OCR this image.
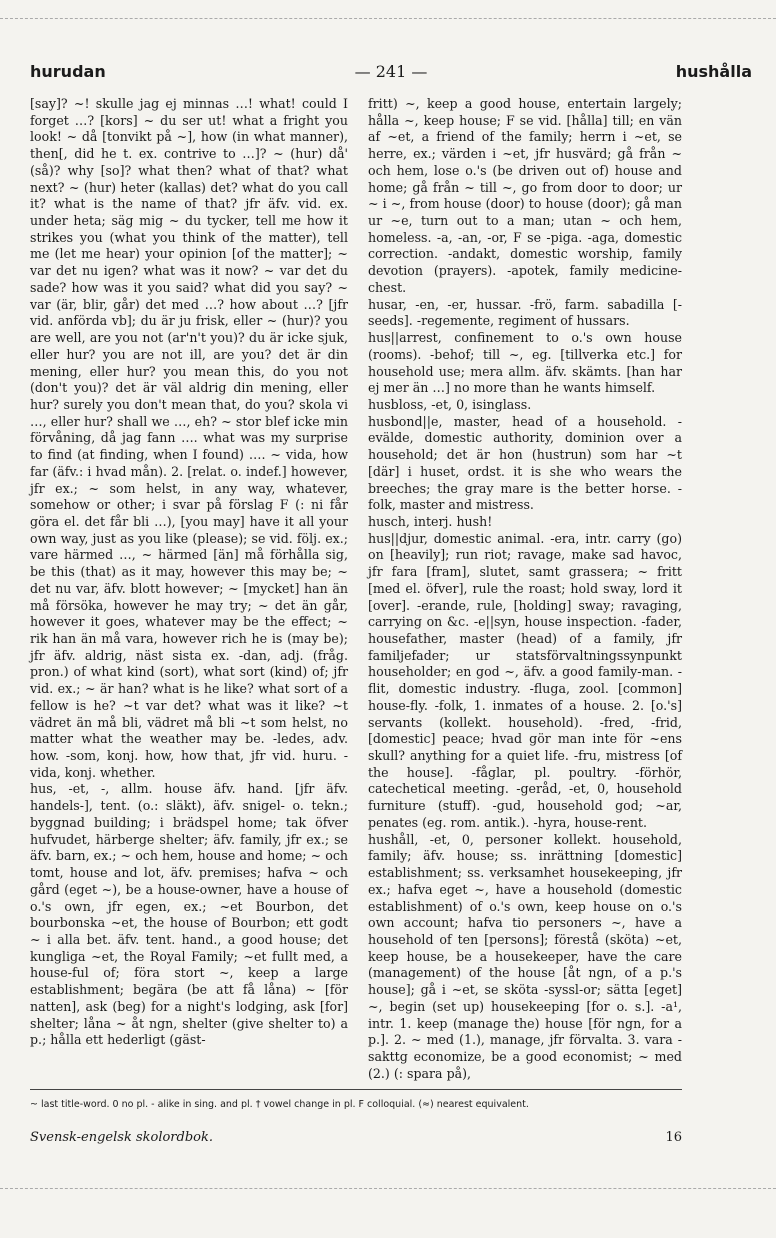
— 241 —
hurudan	hushålla

[say]? ~! skulle jag ej minnas …! what! could I forget …? [kors] ~ du ser ut! what a fright you look! ~ då [tonvikt på ~], how (in what manner), then[, did he t. ex. contrive to …]? ~ (hur) då' (så)? why [so]? what then? what of that? what next? ~ (hur) heter (kallas) det? what do you call it? what is the name of that? jfr äfv. vid. ex. under heta; säg mig ~ du tycker, tell me how it strikes you (what you think of the matter), tell me (let me hear) your opinion [of the matter]; ~ var det nu igen? what was it now? ~ var det du sade? how was it you said? what did you say? ~ var (är, blir, går) det med …? how about …? [jfr vid. anförda vb]; du är ju frisk, eller ~ (hur)? you are well, are you not (ar'n't you)? du är icke sjuk, eller hur? you are not ill, are you? det är din mening, eller hur? you mean this, do you not (don't you)? det är väl aldrig din mening, eller hur? surely you don't mean that, do you? skola vi …, eller hur? shall we …, eh? ~ stor blef icke min förvåning, då jag fann …. what was my surprise to find (at finding, when I found) …. ~ vida, how far (äfv.: i hvad mån). 2. [relat. o. indef.] however, jfr ex.; ~ som helst, in any way, whatever, somehow or other; i svar på förslag F (: ni får göra el. det får bli …), [you may] have it all your own way, just as you like (please); se vid. följ. ex.; vare härmed …, ~ härmed [än] må förhålla sig, be this (that) as it may, however this may be; ~ det nu var, äfv. blott however; ~ [mycket] han än må försöka, however he may try; ~ det än går, however it goes, whatever may be the effect; ~ rik han än må vara, however rich he is (may be); jfr äfv. aldrig, näst sista ex. -dan, adj. (fråg. pron.) of what kind (sort), what sort (kind) of; jfr vid. ex.; ~ är han? what is he like? what sort of a fellow is he? ~t var det? what was it like? ~t vädret än må bli, vädret må bli ~t som helst, no matter what the weather may be. -ledes, adv. how. -som, konj. how, how that, jfr vid. huru. -vida, konj. whether.

hus, -et, -, allm. house äfv. hand. [jfr äfv. handels-], tent. (o.: släkt), äfv. snigel- o. tekn.; byggnad building; i brädspel home; tak öfver hufvudet, härberge shelter; äfv. family, jfr ex.; se äfv. barn, ex.; ~ och hem, house and home; ~ och tomt, house and lot, äfv. premises; hafva ~ och gård (eget ~), be a house-owner, have a house of o.'s own, jfr egen, ex.; ~et Bourbon, det bourbonska ~et, the house of Bourbon; ett godt ~ i alla bet. äfv. tent. hand., a good house; det kungliga ~et, the Royal Family; ~et fullt med, a house-ful of; föra stort ~, keep a large establishment; begära (be att få låna) ~ [för natten], ask (beg) for a night's lodging, ask [for] shelter; låna ~ åt ngn, shelter (give shelter to) a p.; hålla ett hederligt (gäst-

fritt) ~, keep a good house, entertain largely; hålla ~, keep house; F se vid. [hålla] till; en vän af ~et, a friend of the family; herrn i ~et, se herre, ex.; värden i ~et, jfr husvärd; gå från ~ och hem, lose o.'s (be driven out of) house and home; gå från ~ till ~, go from door to door; ur ~ i ~, from house (door) to house (door); gå man ur ~e, turn out to a man; utan ~ och hem, homeless. -a, -an, -or, F se -piga. -aga, domestic correction. -andakt, domestic worship, family devotion (prayers). -apotek, family medicine-chest.

husar, -en, -er, hussar. -frö, farm. sabadilla [-seeds]. -regemente, regiment of hussars.

hus||arrest, confinement to o.'s own house (rooms). -behof; till ~, eg. [tillverka etc.] for household use; mera allm. äfv. skämts. [han har ej mer än …] no more than he wants himself.

husbloss, -et, 0, isinglass.

husbond||e, master, head of a household. -evälde, domestic authority, dominion over a household; det är hon (hustrun) som har ~t [där] i huset, ordst. it is she who wears the breeches; the gray mare is the better horse. -folk, master and mistress.

husch, interj. hush!

hus||djur, domestic animal. -era, intr. carry (go) on [heavily]; run riot; ravage, make sad havoc, jfr fara [fram], slutet, samt grassera; ~ fritt [med el. öfver], rule the roast; hold sway, lord it [over]. -erande, rule, [holding] sway; ravaging, carrying on &c. -e||syn, house inspection. -fader, housefather, master (head) of a family, jfr familjefader; ur statsförvaltningssynpunkt householder; en god ~, äfv. a good family-man. -flit, domestic industry. -fluga, zool. [common] house-fly. -folk, 1. inmates of a house. 2. [o.'s] servants (kollekt. household). -fred, -frid, [domestic] peace; hvad gör man inte för ~ens skull? anything for a quiet life. -fru, mistress [of the house]. -fåglar, pl. poultry. -förhör, catechetical meeting. -geråd, -et, 0, household furniture (stuff). -gud, household god; ~ar, penates (eg. rom. antik.). -hyra, house-rent.

hushåll, -et, 0, personer kollekt. household, family; äfv. house; ss. inrättning [domestic] establishment; ss. verksamhet housekeeping, jfr ex.; hafva eget ~, have a household (domestic establishment) of o.'s own, keep house on o.'s own account; hafva tio personers ~, have a household of ten [persons]; förestå (sköta) ~et, keep house, be a housekeeper, have the care (management) of the house [åt ngn, of a p.'s house]; gå i ~et, se sköta -syssl-or; sätta [eget] ~, begin (set up) housekeeping [for o. s.]. -a¹, intr. 1. keep (manage the) house [för ngn, for a p.]. 2. ~ med (1.), manage, jfr förvalta. 3. vara -sakttg economize, be a good economist; ~ med (2.) (: spara på),

~ last title-word. 0 no pl. - alike in sing. and pl. † vowel change in pl. F colloquial. (≈) nearest equivalent.
Svensk-engelsk skolordbok.	16
